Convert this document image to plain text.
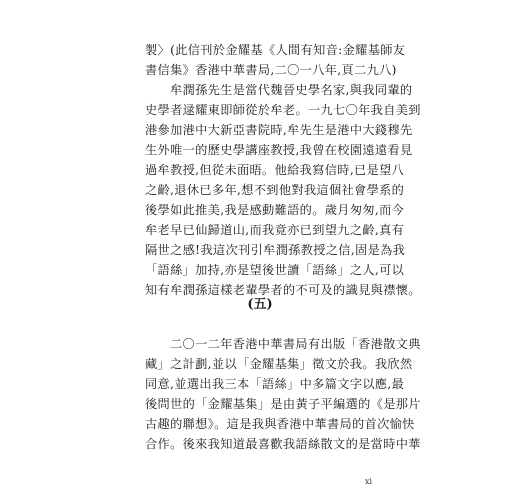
製〉(此信刊於金耀基《人間有知音:金耀基師友
書信集》香港中華書局,二〇一八年,頁二九八)
牟潤孫先生是當代魏晉史學名家,與我同輩的
史學者逯耀東即師從於牟老。一九七〇年我自美到
港參加港中大新亞書院時,牟先生是港中大錢穆先
生外唯一的歷史學講座教授,我曾在校園遠遠看見
過牟教授,但從未面晤。他給我寫信時,已是望八
之齡,退休已多年,想不到他對我這個社會學系的
後學如此推美,我是感動難語的。歲月匆匆,而今
牟老早已仙歸道山,而我竟亦已到望九之齡,真有
隔世之感!我這次刊引牟潤孫教授之信,固是為我
「語絲」加持,亦是望後世讀「語絲」之人,可以
知有牟潤孫這樣老輩學者的不可及的識見與襟懷。
(五)
二〇一二年香港中華書局有出版「香港散文典
藏」之計劃,並以「金耀基集」徵文於我。我欣然
同意,並選出我三本「語絲」中多篇文字以應,最
後問世的「金耀基集」是由黃子平編選的《是那片
古趣的聯想》。這是我與香港中華書局的首次愉快
合作。後來我知道最喜歡我語絲散文的是當時中華
xi
